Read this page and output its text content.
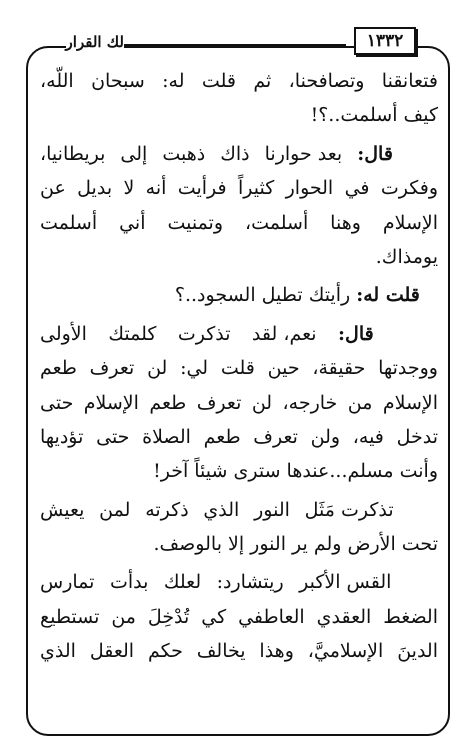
لك القرار	١٣٣٢
فتعانقنا وتصافحنا، ثم قلت له: سبحان اللّه،
كيف أسلمت..؟!
‏   قال: بعد حوارنا ذاك ذهبت إلى بريطانيا،
وفكرت في الحوار كثيراً فرأيت أنه لا بديل عن
الإسلام وهنا أسلمت، وتمنيت أني أسلمت
يومذاك.
قلت له: رأيتك تطيل السجود..؟
قال: نعم، لقد تذكرت كلمتك الأولى
ووجدتها حقيقة، حين قلت لي: لن تعرف طعم
الإسلام من خارجه، لن تعرف طعم الإسلام حتى
تدخل فيه، ولن تعرف طعم الصلاة حتى تؤديها
وأنت مسلم...عندها سترى شيئاً آخر!
تذكرت مَثَل النور الذي ذكرته لمن يعيش
تحت الأرض ولم ير النور إلا بالوصف.
القس الأكبر ريتشارد: لعلك بدأت تمارس
الضغط العقدي العاطفي كي تُدْخِلَ من تستطيع
الدينَ الإسلاميَّ، وهذا يخالف حكم العقل الذي
